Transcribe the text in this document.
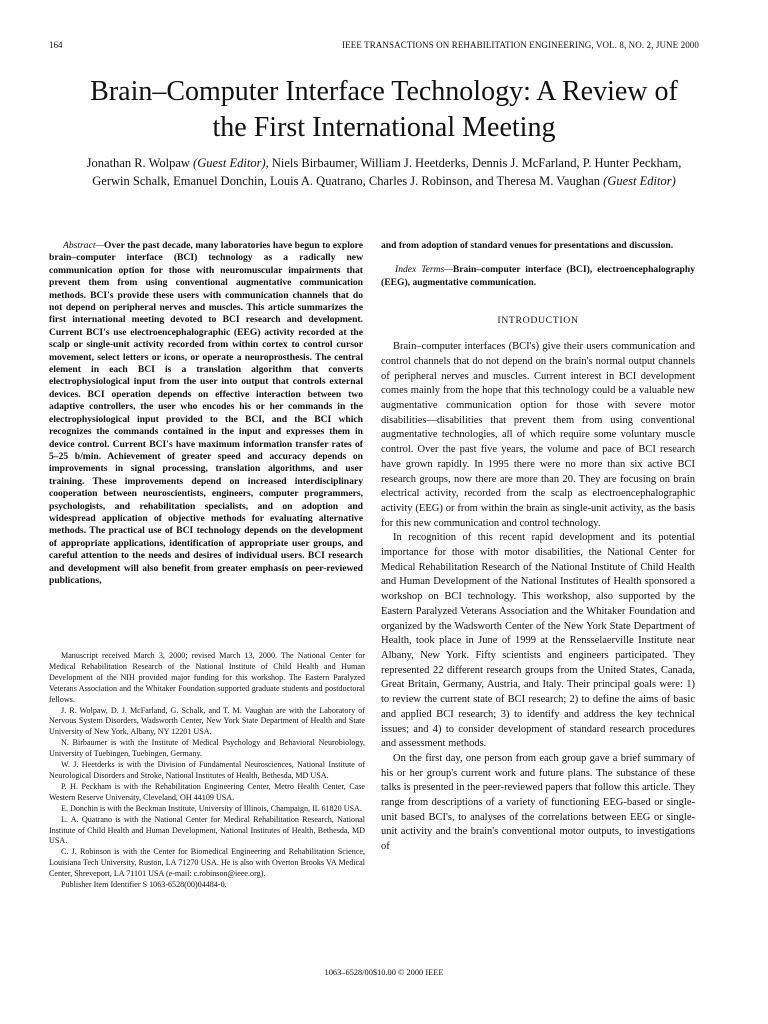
164	IEEE TRANSACTIONS ON REHABILITATION ENGINEERING, VOL. 8, NO. 2, JUNE 2000
Brain–Computer Interface Technology: A Review of
the First International Meeting
Jonathan R. Wolpaw (Guest Editor), Niels Birbaumer, William J. Heetderks, Dennis J. McFarland, P. Hunter Peckham,
Gerwin Schalk, Emanuel Donchin, Louis A. Quatrano, Charles J. Robinson, and Theresa M. Vaughan (Guest Editor)

Abstract—Over the past decade, many laboratories have begun to explore brain–computer interface (BCI) technology as a radically new communication option for those with neuromuscular impairments that prevent them from using conventional augmentative communication methods. BCI's provide these users with communication channels that do not depend on peripheral nerves and muscles. This article summarizes the first international meeting devoted to BCI research and development. Current BCI's use electroencephalographic (EEG) activity recorded at the scalp or single-unit activity recorded from within cortex to control cursor movement, select letters or icons, or operate a neuroprosthesis. The central element in each BCI is a translation algorithm that converts electrophysiological input from the user into output that controls external devices. BCI operation depends on effective interaction between two adaptive controllers, the user who encodes his or her commands in the electrophysiological input provided to the BCI, and the BCI which recognizes the commands contained in the input and expresses them in device control. Current BCI's have maximum information transfer rates of 5–25 b/min. Achievement of greater speed and accuracy depends on improvements in signal processing, translation algorithms, and user training. These improvements depend on increased interdisciplinary cooperation between neuroscientists, engineers, computer programmers, psychologists, and rehabilitation specialists, and on adoption and widespread application of objective methods for evaluating alternative methods. The practical use of BCI technology depends on the development of appropriate applications, identification of appropriate user groups, and careful attention to the needs and desires of individual users. BCI research and development will also benefit from greater emphasis on peer-reviewed publications,

Manuscript received March 3, 2000; revised March 13, 2000. The National Center for Medical Rehabilitation Research of the National Institute of Child Health and Human Development of the NIH provided major funding for this workshop. The Eastern Paralyzed Veterans Association and the Whitaker Foundation supported graduate students and postdoctoral fellows.

J. R. Wolpaw, D. J. McFarland, G. Schalk, and T. M. Vaughan are with the Laboratory of Nervous System Disorders, Wadsworth Center, New York State Department of Health and State University of New York, Albany, NY 12201 USA.

N. Birbaumer is with the Institute of Medical Psychology and Behavioral Neurobiology, University of Tuebingen, Tuebingen, Germany.

W. J. Heetderks is with the Division of Fundamental Neurosciences, National Institute of Neurological Disorders and Stroke, National Institutes of Health, Bethesda, MD USA.

P. H. Peckham is with the Rehabilitation Engineering Center, Metro Health Center, Case Western Reserve University, Cleveland, OH 44109 USA.

E. Donchin is with the Beckman Institute, University of Illinois, Champaign, IL 61820 USA.

L. A. Quatrano is with the National Center for Medical Rehabilitation Research, National Institute of Child Health and Human Development, National Institutes of Health, Bethesda, MD USA.

C. J. Robinson is with the Center for Biomedical Engineering and Rehabilitation Science, Louisiana Tech University, Ruston, LA 71270 USA. He is also with Overton Brooks VA Medical Center, Shreveport, LA 71101 USA (e-mail: c.robinson@ieee.org).

Publisher Item Identifier S 1063-6528(00)04484-0.

and from adoption of standard venues for presentations and discussion.

Index Terms—Brain–computer interface (BCI), electroencephalography (EEG), augmentative communication.

INTRODUCTION

Brain–computer interfaces (BCI's) give their users communication and control channels that do not depend on the brain's normal output channels of peripheral nerves and muscles. Current interest in BCI development comes mainly from the hope that this technology could be a valuable new augmentative communication option for those with severe motor disabilities—disabilities that prevent them from using conventional augmentative technologies, all of which require some voluntary muscle control. Over the past five years, the volume and pace of BCI research have grown rapidly. In 1995 there were no more than six active BCI research groups, now there are more than 20. They are focusing on brain electrical activity, recorded from the scalp as electroencephalographic activity (EEG) or from within the brain as single-unit activity, as the basis for this new communication and control technology.

In recognition of this recent rapid development and its potential importance for those with motor disabilities, the National Center for Medical Rehabilitation Research of the National Institute of Child Health and Human Development of the National Institutes of Health sponsored a workshop on BCI technology. This workshop, also supported by the Eastern Paralyzed Veterans Association and the Whitaker Foundation and organized by the Wadsworth Center of the New York State Department of Health, took place in June of 1999 at the Rensselaerville Institute near Albany, New York. Fifty scientists and engineers participated. They represented 22 different research groups from the United States, Canada, Great Britain, Germany, Austria, and Italy. Their principal goals were: 1) to review the current state of BCI research; 2) to define the aims of basic and applied BCI research; 3) to identify and address the key technical issues; and 4) to consider development of standard research procedures and assessment methods.

On the first day, one person from each group gave a brief summary of his or her group's current work and future plans. The substance of these talks is presented in the peer-reviewed papers that follow this article. They range from descriptions of a variety of functioning EEG-based or single-unit based BCI's, to analyses of the correlations between EEG or single-unit activity and the brain's conventional motor outputs, to investigations of

1063–6528/00$10.00 © 2000 IEEE
